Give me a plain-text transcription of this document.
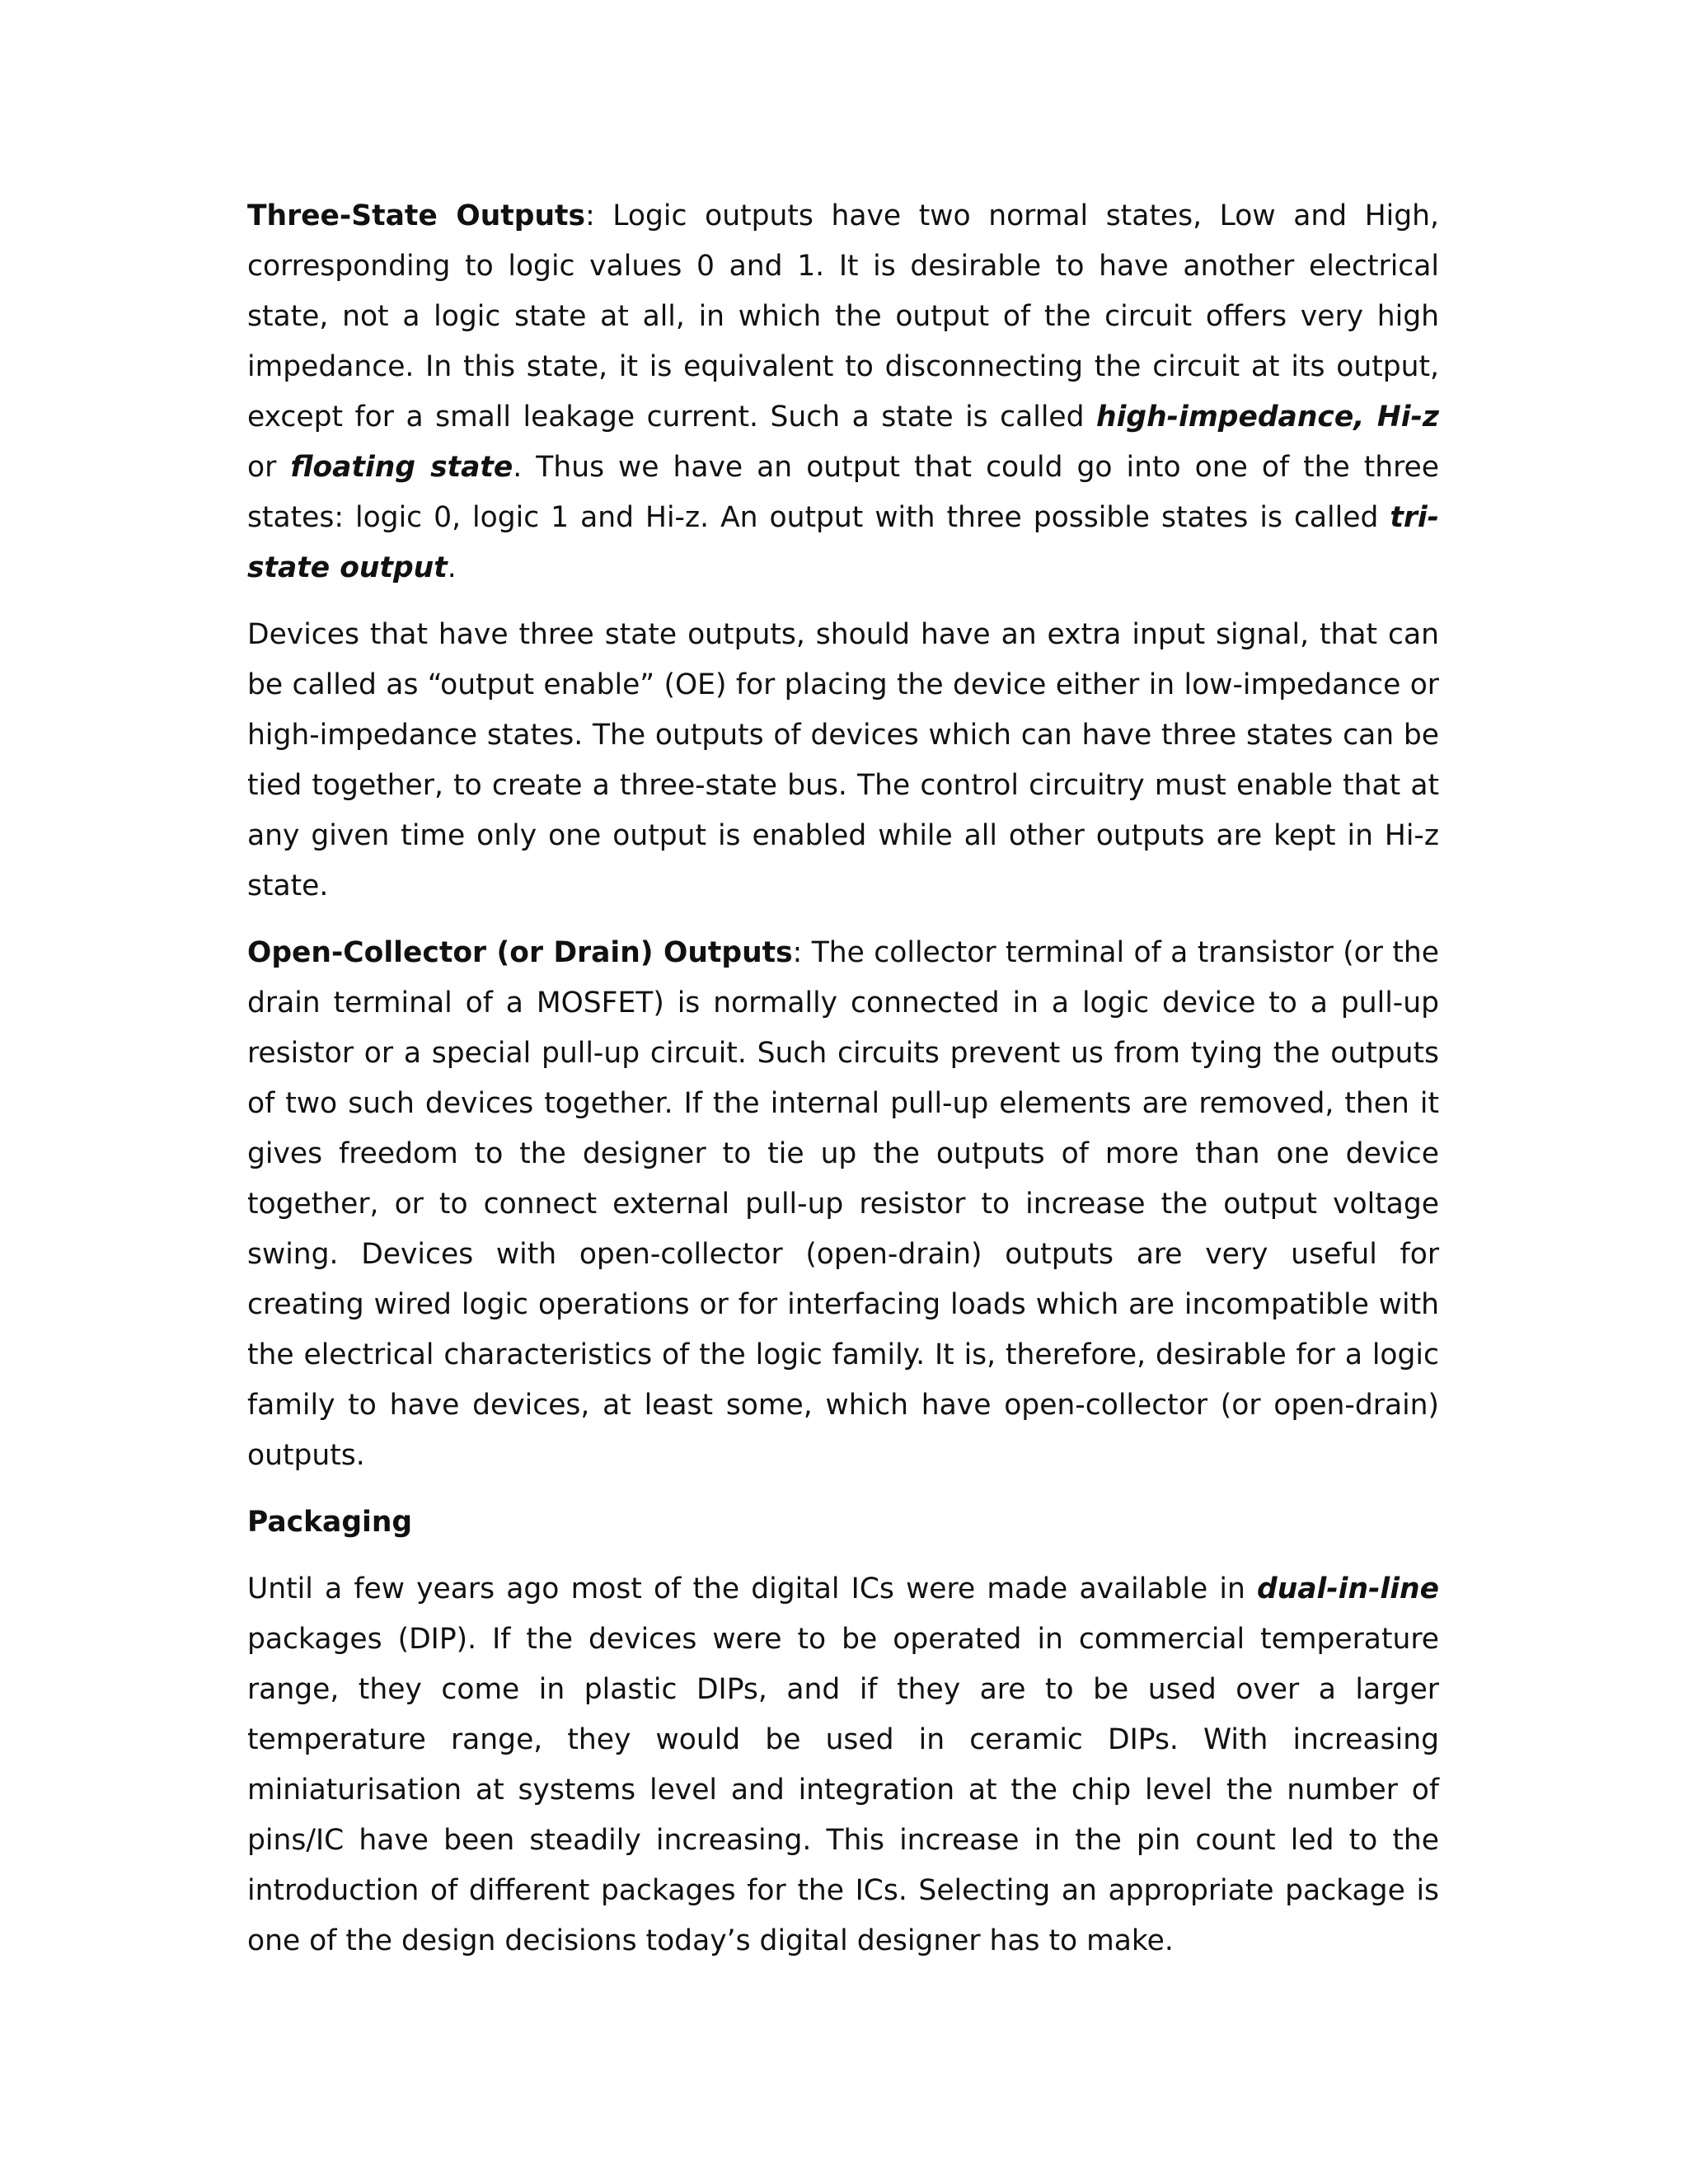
Three-State Outputs: Logic outputs have two normal states, Low and High, corresponding to logic values 0 and 1. It is desirable to have another electrical state, not a logic state at all, in which the output of the circuit offers very high impedance. In this state, it is equivalent to disconnecting the circuit at its output, except for a small leakage current. Such a state is called high-impedance, Hi-z or floating state. Thus we have an output that could go into one of the three states: logic 0, logic 1 and Hi-z. An output with three possible states is called tri-state output.

Devices that have three state outputs, should have an extra input signal, that can be called as “output enable” (OE) for placing the device either in low-impedance or high-impedance states. The outputs of devices which can have three states can be tied together, to create a three-state bus. The control circuitry must enable that at any given time only one output is enabled while all other outputs are kept in Hi-z state.

Open-Collector (or Drain) Outputs: The collector terminal of a transistor (or the drain terminal of a MOSFET) is normally connected in a logic device to a pull-up resistor or a special pull-up circuit. Such circuits prevent us from tying the outputs of two such devices together. If the internal pull-up elements are removed, then it gives freedom to the designer to tie up the outputs of more than one device together, or to connect external pull-up resistor to increase the output voltage swing. Devices with open-collector (open-drain) outputs are very useful for creating wired logic operations or for interfacing loads which are incompatible with the electrical characteristics of the logic family. It is, therefore, desirable for a logic family to have devices, at least some, which have open-collector (or open-drain) outputs.

Packaging

Until a few years ago most of the digital ICs were made available in dual-in-line packages (DIP). If the devices were to be operated in commercial temperature range, they come in plastic DIPs, and if they are to be used over a larger temperature range, they would be used in ceramic DIPs. With increasing miniaturisation at systems level and integration at the chip level the number of pins/IC have been steadily increasing. This increase in the pin count led to the introduction of different packages for the ICs. Selecting an appropriate package is one of the design decisions today’s digital designer has to make.
